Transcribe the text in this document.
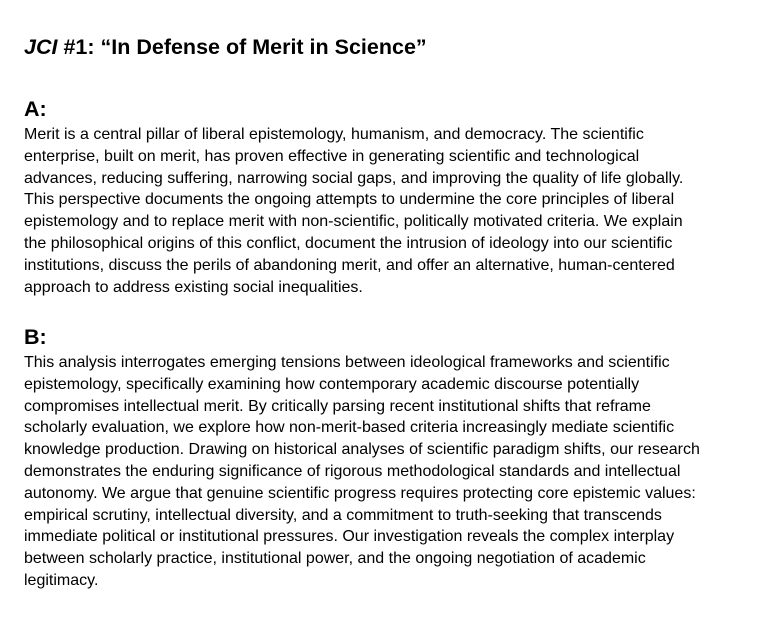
JCI #1: “In Defense of Merit in Science”
A:

Merit is a central pillar of liberal epistemology, humanism, and democracy. The scientific
enterprise, built on merit, has proven effective in generating scientific and technological
advances, reducing suffering, narrowing social gaps, and improving the quality of life globally.
This perspective documents the ongoing attempts to undermine the core principles of liberal
epistemology and to replace merit with non-scientific, politically motivated criteria. We explain
the philosophical origins of this conflict, document the intrusion of ideology into our scientific
institutions, discuss the perils of abandoning merit, and offer an alternative, human-centered
approach to address existing social inequalities.

B:

This analysis interrogates emerging tensions between ideological frameworks and scientific
epistemology, specifically examining how contemporary academic discourse potentially
compromises intellectual merit. By critically parsing recent institutional shifts that reframe
scholarly evaluation, we explore how non-merit-based criteria increasingly mediate scientific
knowledge production. Drawing on historical analyses of scientific paradigm shifts, our research
demonstrates the enduring significance of rigorous methodological standards and intellectual
autonomy. We argue that genuine scientific progress requires protecting core epistemic values:
empirical scrutiny, intellectual diversity, and a commitment to truth-seeking that transcends
immediate political or institutional pressures. Our investigation reveals the complex interplay
between scholarly practice, institutional power, and the ongoing negotiation of academic
legitimacy.
